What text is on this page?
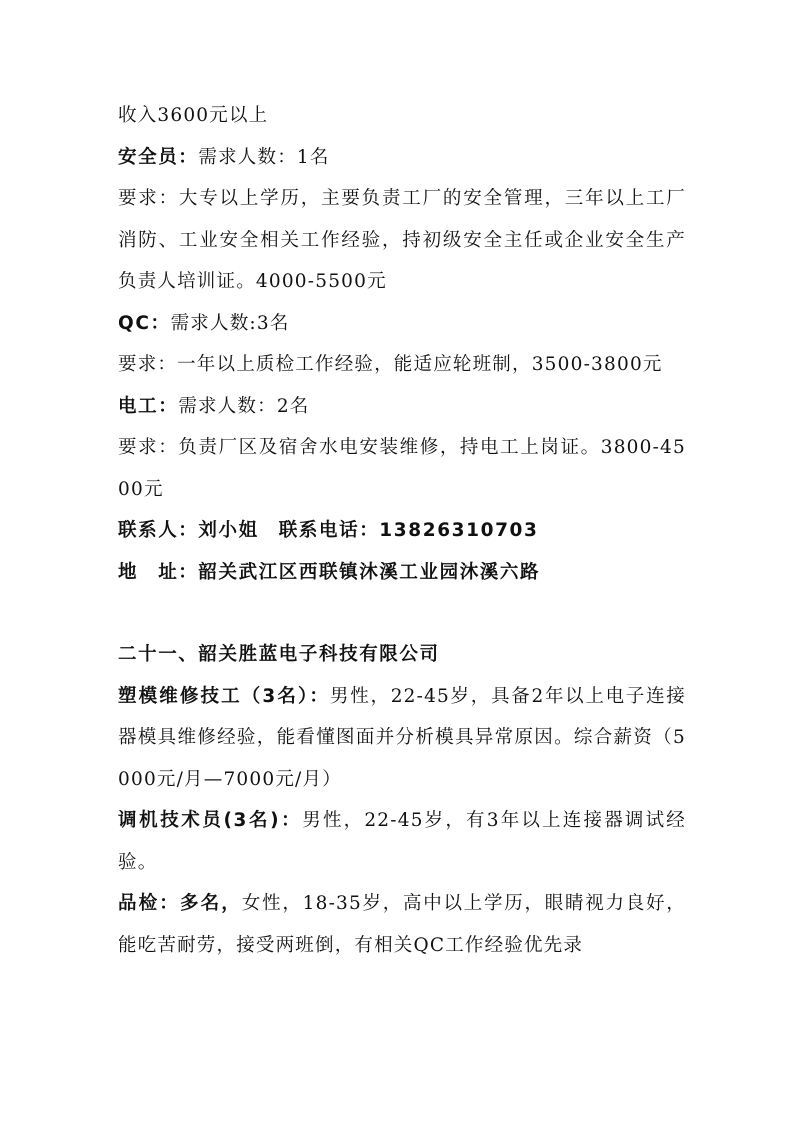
收入3600元以上

安全员：需求人数：1名

要求：大专以上学历，主要负责工厂的安全管理，三年以上工厂消防、工业安全相关工作经验，持初级安全主任或企业安全生产负责人培训证。4000-5500元

QC：需求人数:3名

要求：一年以上质检工作经验，能适应轮班制，3500-3800元

电工：需求人数：2名

要求：负责厂区及宿舍水电安装维修，持电工上岗证。3800-4500元

联系人：刘小姐　联系电话：13826310703

地　址：韶关武江区西联镇沐溪工业园沐溪六路

二十一、韶关胜蓝电子科技有限公司

塑模维修技工（3名）：男性，22-45岁，具备2年以上电子连接器模具维修经验，能看懂图面并分析模具异常原因。综合薪资（5000元/月—7000元/月）

调机技术员(3名)：男性，22-45岁，有3年以上连接器调试经验。

品检：多名，女性，18-35岁，高中以上学历，眼睛视力良好，能吃苦耐劳，接受两班倒，有相关QC工作经验优先录
